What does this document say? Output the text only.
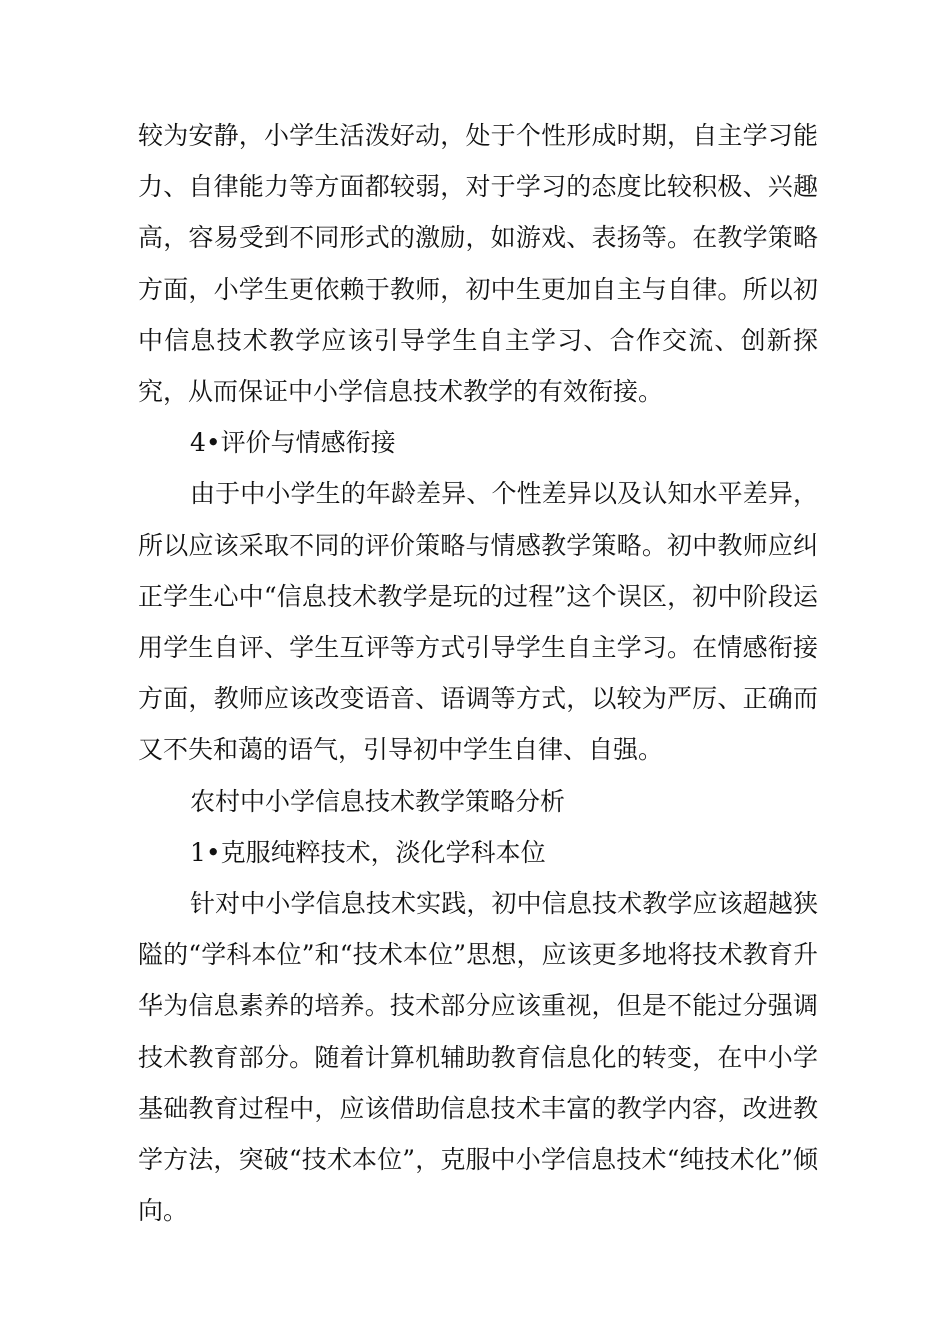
较为安静，小学生活泼好动，处于个性形成时期，自主学习能力、自律能力等方面都较弱，对于学习的态度比较积极、兴趣高，容易受到不同形式的激励，如游戏、表扬等。在教学策略方面，小学生更依赖于教师，初中生更加自主与自律。所以初中信息技术教学应该引导学生自主学习、合作交流、创新探究，从而保证中小学信息技术教学的有效衔接。

4•评价与情感衔接

由于中小学生的年龄差异、个性差异以及认知水平差异，所以应该采取不同的评价策略与情感教学策略。初中教师应纠正学生心中“信息技术教学是玩的过程”这个误区，初中阶段运用学生自评、学生互评等方式引导学生自主学习。在情感衔接方面，教师应该改变语音、语调等方式，以较为严厉、正确而又不失和蔼的语气，引导初中学生自律、自强。

农村中小学信息技术教学策略分析

1•克服纯粹技术，淡化学科本位

针对中小学信息技术实践，初中信息技术教学应该超越狭隘的“学科本位”和“技术本位”思想，应该更多地将技术教育升华为信息素养的培养。技术部分应该重视，但是不能过分强调技术教育部分。随着计算机辅助教育信息化的转变，在中小学基础教育过程中，应该借助信息技术丰富的教学内容，改进教学方法，突破“技术本位”，克服中小学信息技术“纯技术化”倾向。
